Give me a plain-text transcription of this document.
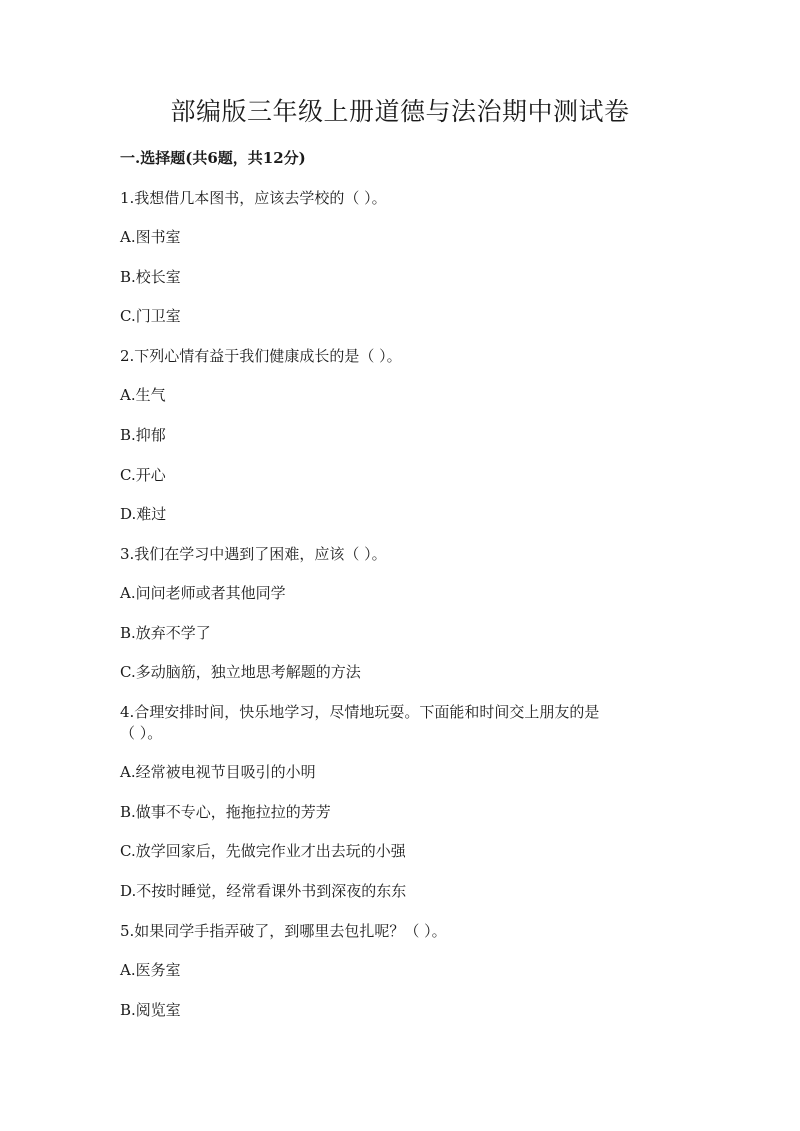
部编版三年级上册道德与法治期中测试卷
一.选择题(共6题，共12分)
1.我想借几本图书，应该去学校的（ ）。
A.图书室
B.校长室
C.门卫室
2.下列心情有益于我们健康成长的是（ ）。
A.生气
B.抑郁
C.开心
D.难过
3.我们在学习中遇到了困难，应该（ ）。
A.问问老师或者其他同学
B.放弃不学了
C.多动脑筋，独立地思考解题的方法
4.合理安排时间，快乐地学习，尽情地玩耍。下面能和时间交上朋友的是
（ ）。
A.经常被电视节目吸引的小明
B.做事不专心，拖拖拉拉的芳芳
C.放学回家后，先做完作业才出去玩的小强
D.不按时睡觉，经常看课外书到深夜的东东
5.如果同学手指弄破了，到哪里去包扎呢？（ ）。
A.医务室
B.阅览室
